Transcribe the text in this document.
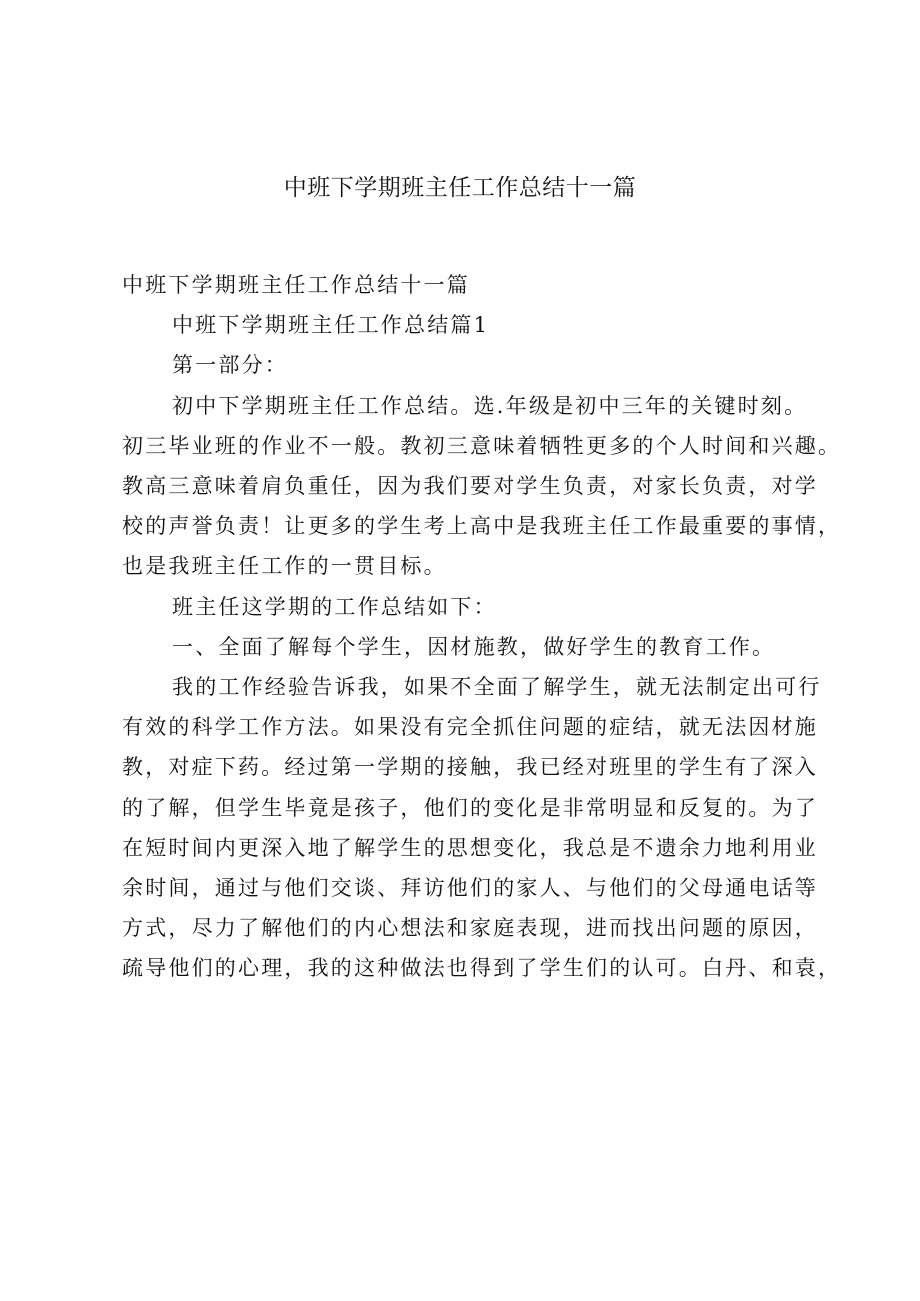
中班下学期班主任工作总结十一篇

中班下学期班主任工作总结十一篇

中班下学期班主任工作总结篇1

第一部分：

初中下学期班主任工作总结。选.年级是初中三年的关键时刻。

初三毕业班的作业不一般。教初三意味着牺牲更多的个人时间和兴趣。

教高三意味着肩负重任，因为我们要对学生负责，对家长负责，对学

校的声誉负责！让更多的学生考上高中是我班主任工作最重要的事情，

也是我班主任工作的一贯目标。

班主任这学期的工作总结如下：

一、全面了解每个学生，因材施教，做好学生的教育工作。

我的工作经验告诉我，如果不全面了解学生，就无法制定出可行

有效的科学工作方法。如果没有完全抓住问题的症结，就无法因材施

教，对症下药。经过第一学期的接触，我已经对班里的学生有了深入

的了解，但学生毕竟是孩子，他们的变化是非常明显和反复的。为了

在短时间内更深入地了解学生的思想变化，我总是不遗余力地利用业

余时间，通过与他们交谈、拜访他们的家人、与他们的父母通电话等

方式，尽力了解他们的内心想法和家庭表现，进而找出问题的原因，

疏导他们的心理，我的这种做法也得到了学生们的认可。白丹、和袁，
